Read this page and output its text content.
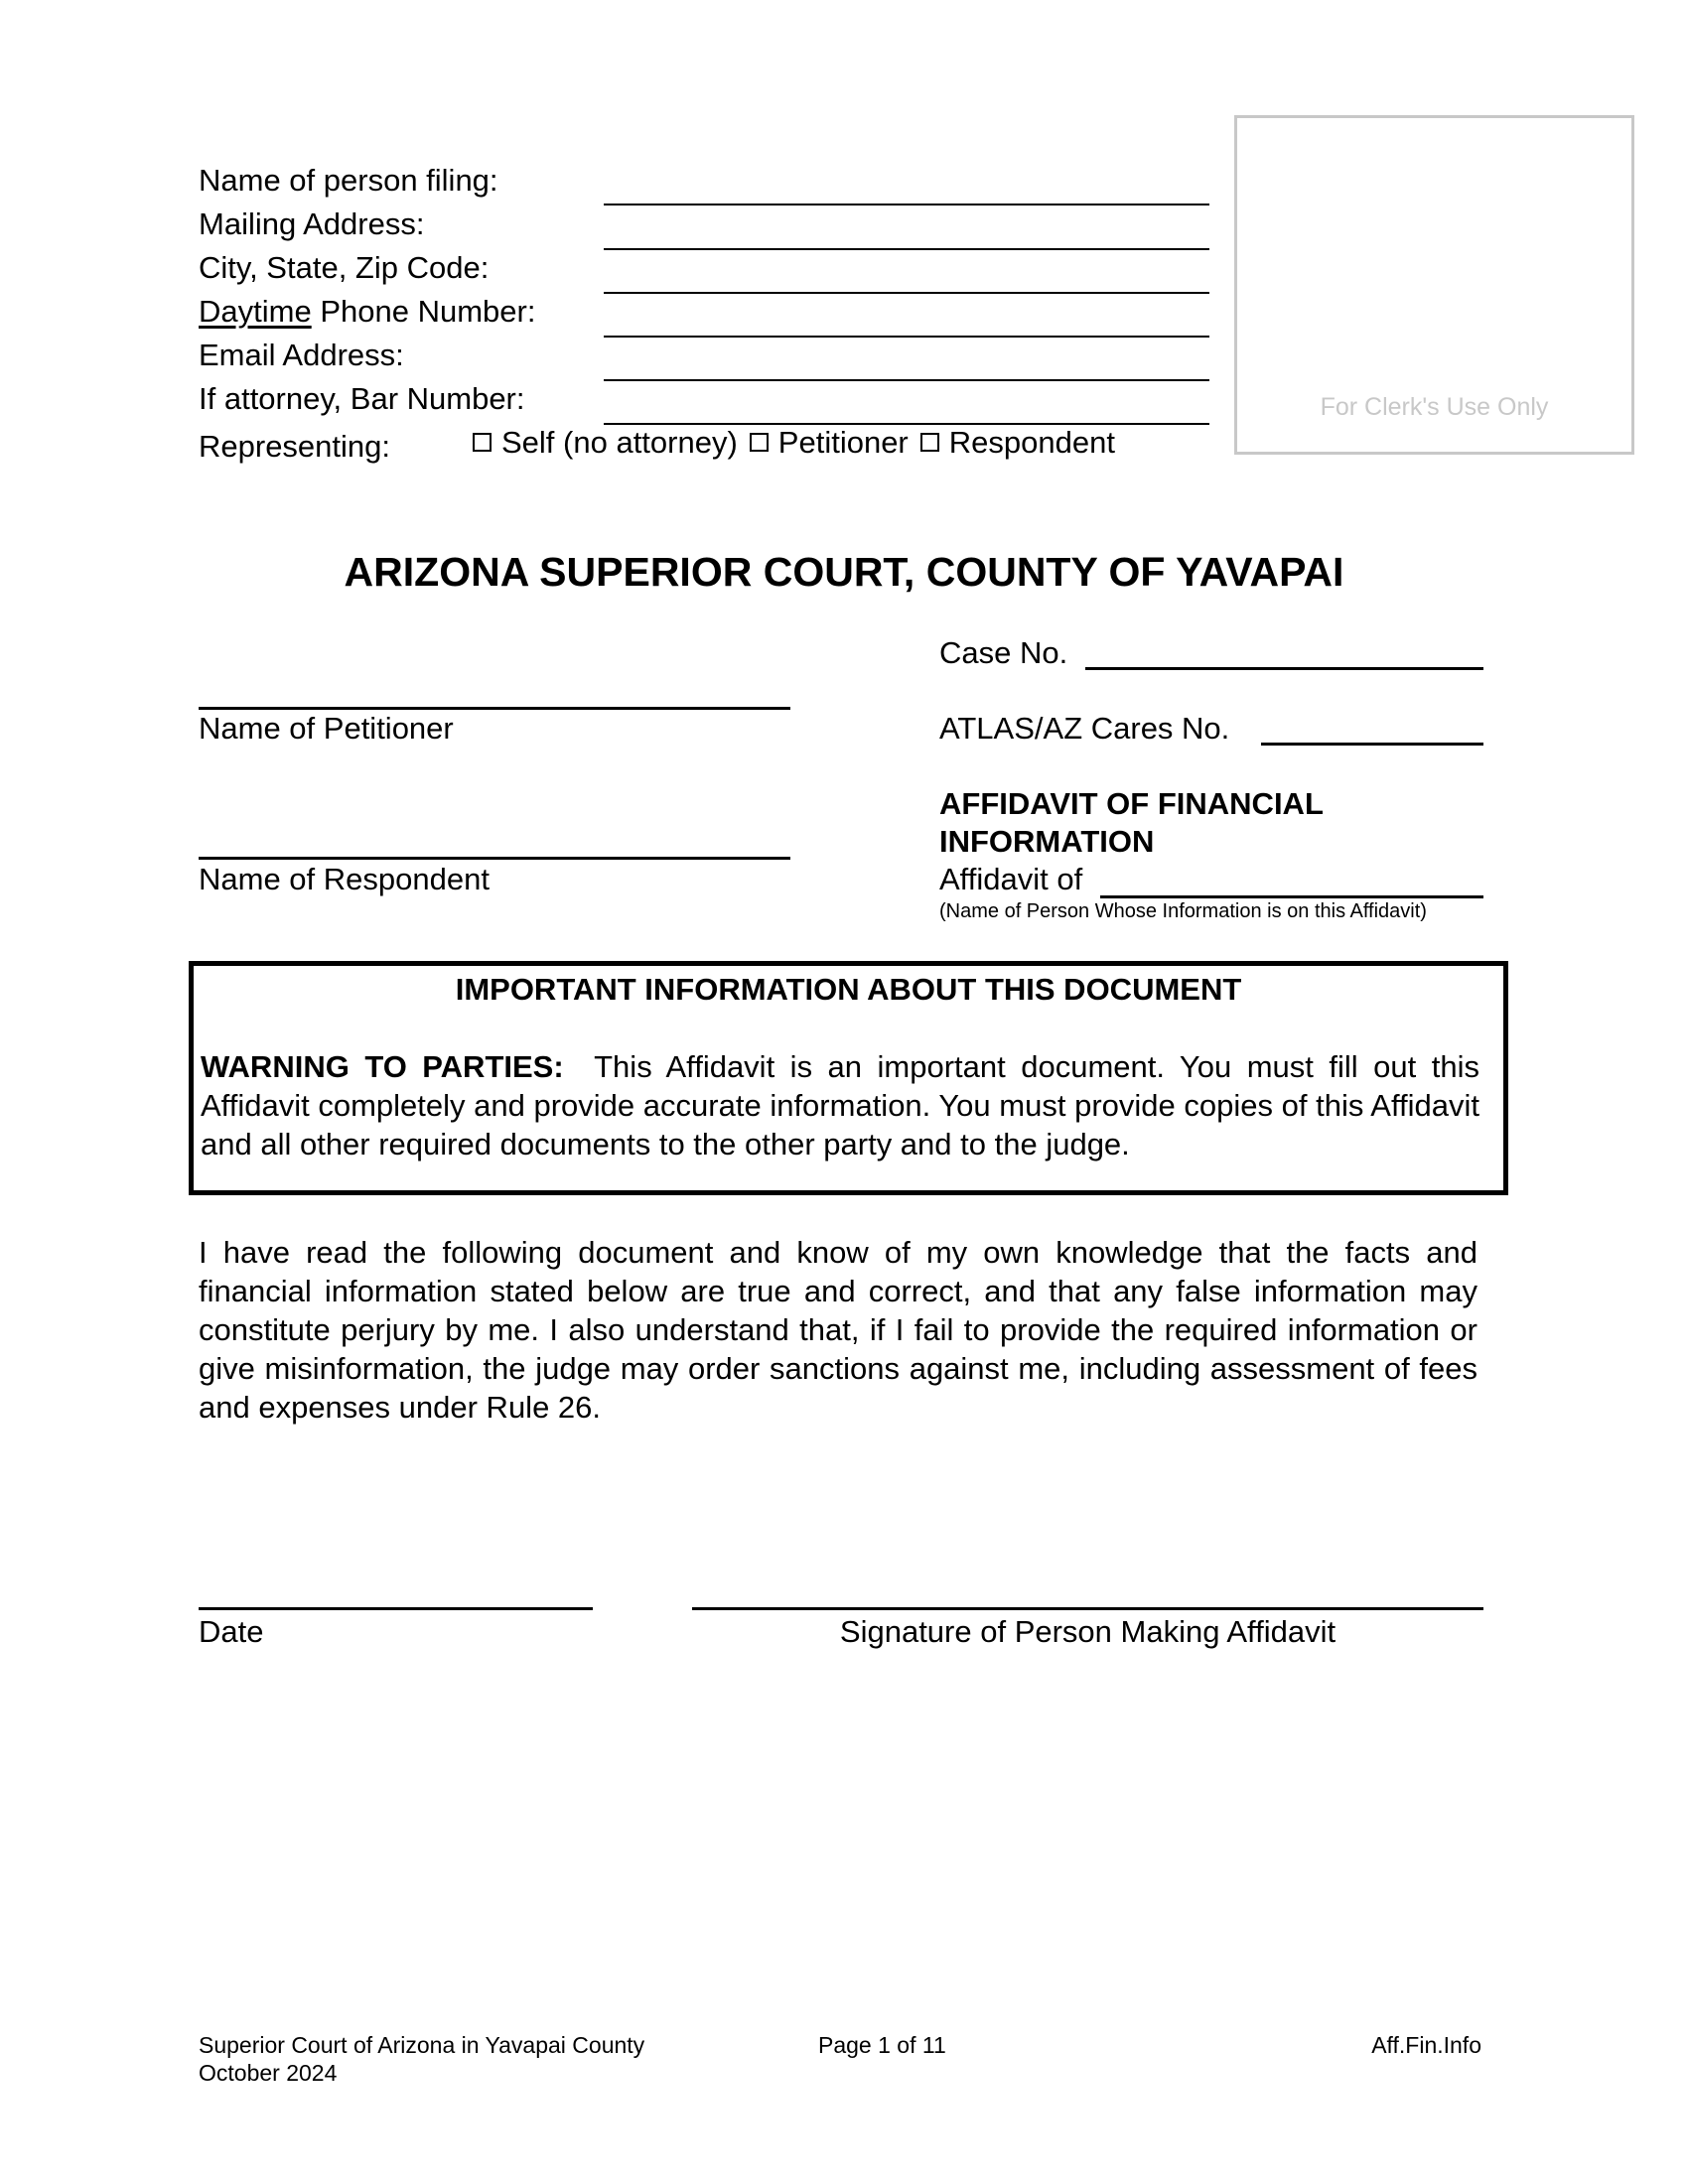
Name of person filing:
Mailing Address:
City, State, Zip Code:
Daytime Phone Number:
Email Address:
If attorney, Bar Number:
Representing:	Self (no attorney) Petitioner Respondent
For Clerk's Use Only
ARIZONA SUPERIOR COURT, COUNTY OF YAVAPAI
Case No.
ATLAS/AZ Cares No.
AFFIDAVIT OF FINANCIAL
INFORMATION
Affidavit of
(Name of Person Whose Information is on this Affidavit)
Name of Petitioner
Name of Respondent
IMPORTANT INFORMATION ABOUT THIS DOCUMENT
WARNING TO PARTIES: This Affidavit is an important document. You must fill out this Affidavit completely and provide accurate information. You must provide copies of this Affidavit and all other required documents to the other party and to the judge.
I have read the following document and know of my own knowledge that the facts and financial information stated below are true and correct, and that any false information may constitute perjury by me. I also understand that, if I fail to provide the required information or give misinformation, the judge may order sanctions against me, including assessment of fees and expenses under Rule 26.
Date	Signature of Person Making Affidavit
Superior Court of Arizona in Yavapai County
October 2024
Page 1 of 11	Aff.Fin.Info
